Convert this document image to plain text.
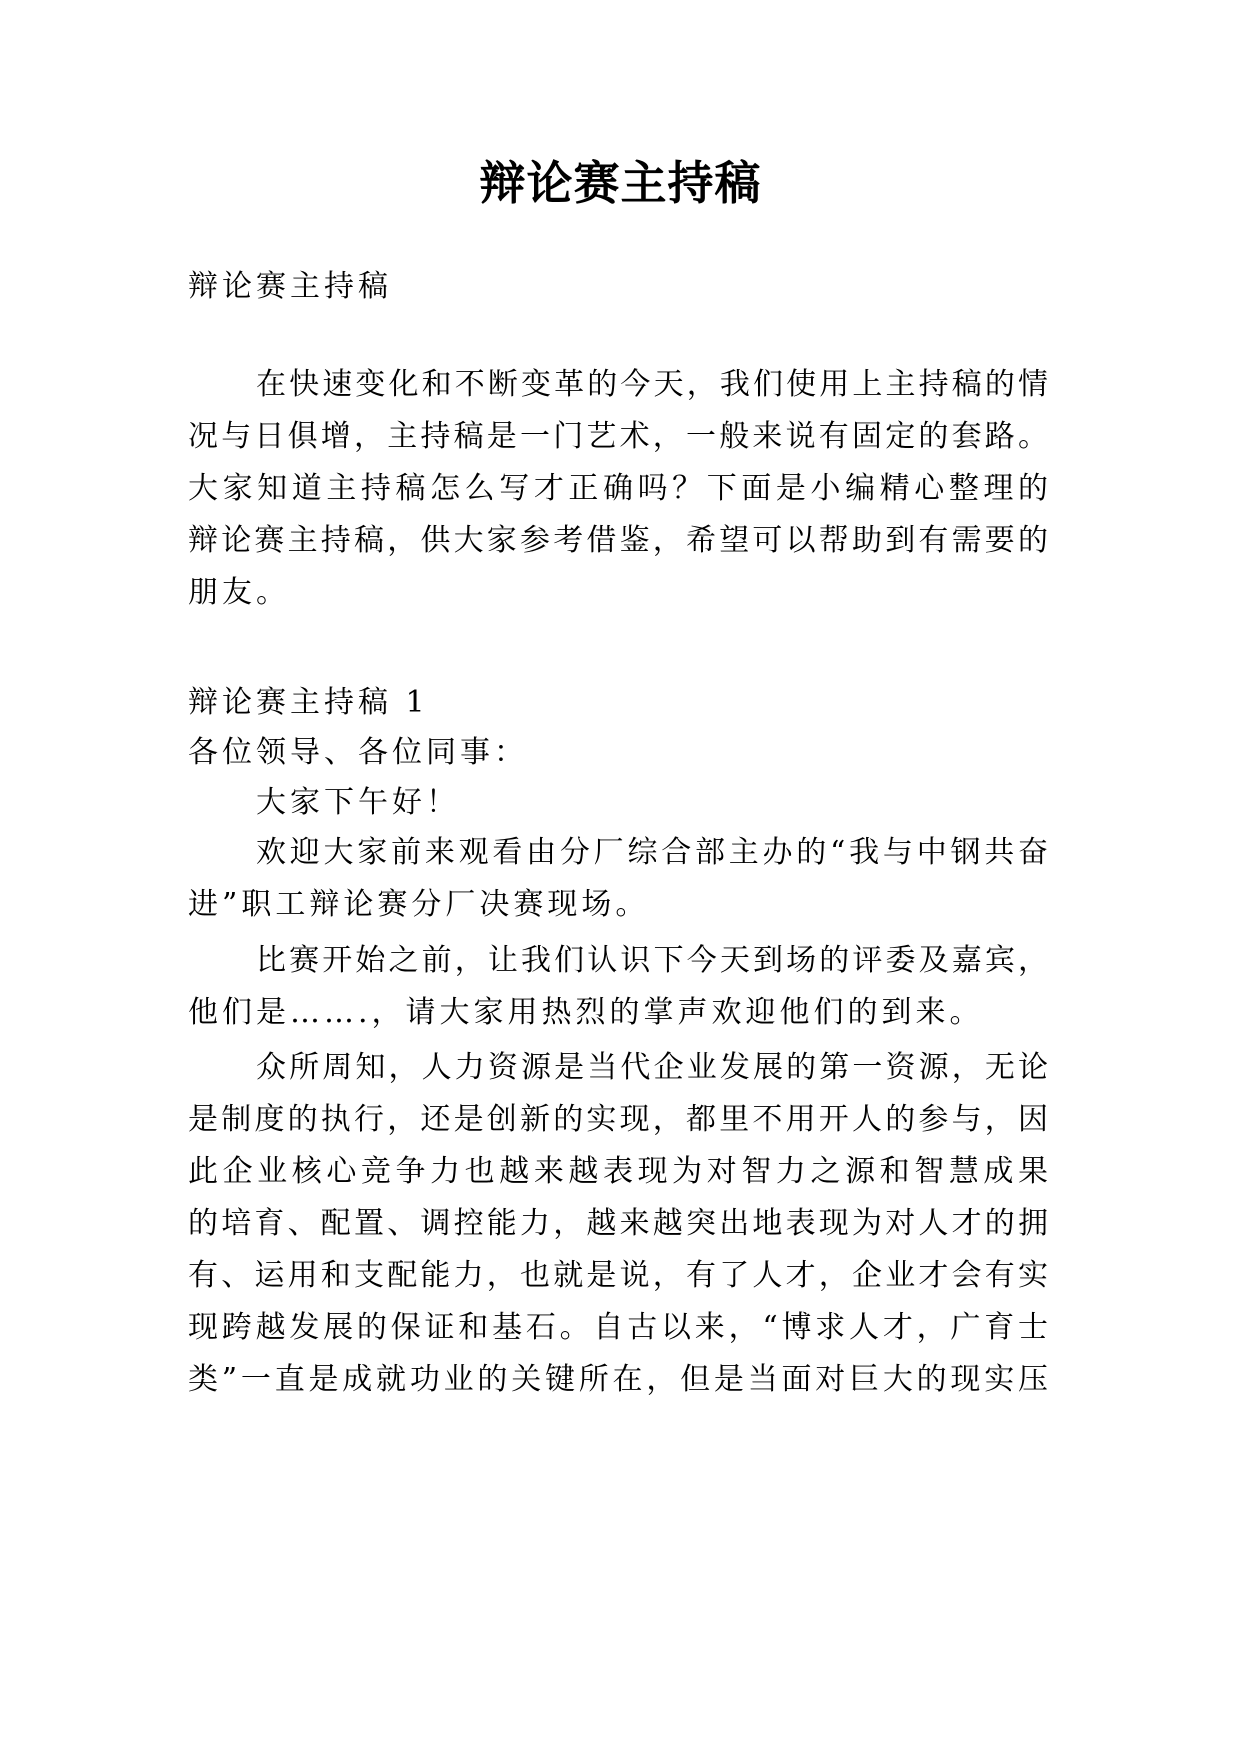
辩论赛主持稿
辩论赛主持稿
在快速变化和不断变革的今天，我们使用上主持稿的情
况与日俱增，主持稿是一门艺术，一般来说有固定的套路。
大家知道主持稿怎么写才正确吗？下面是小编精心整理的
辩论赛主持稿，供大家参考借鉴，希望可以帮助到有需要的
朋友。
辩论赛主持稿 1
各位领导、各位同事：
大家下午好！
欢迎大家前来观看由分厂综合部主办的“我与中钢共奋
进”职工辩论赛分厂决赛现场。
比赛开始之前，让我们认识下今天到场的评委及嘉宾，
他们是…….，请大家用热烈的掌声欢迎他们的到来。
众所周知，人力资源是当代企业发展的第一资源，无论
是制度的执行，还是创新的实现，都里不用开人的参与，因
此企业核心竞争力也越来越表现为对智力之源和智慧成果
的培育、配置、调控能力，越来越突出地表现为对人才的拥
有、运用和支配能力，也就是说，有了人才，企业才会有实
现跨越发展的保证和基石。自古以来，“博求人才，广育士
类”一直是成就功业的关键所在，但是当面对巨大的现实压
